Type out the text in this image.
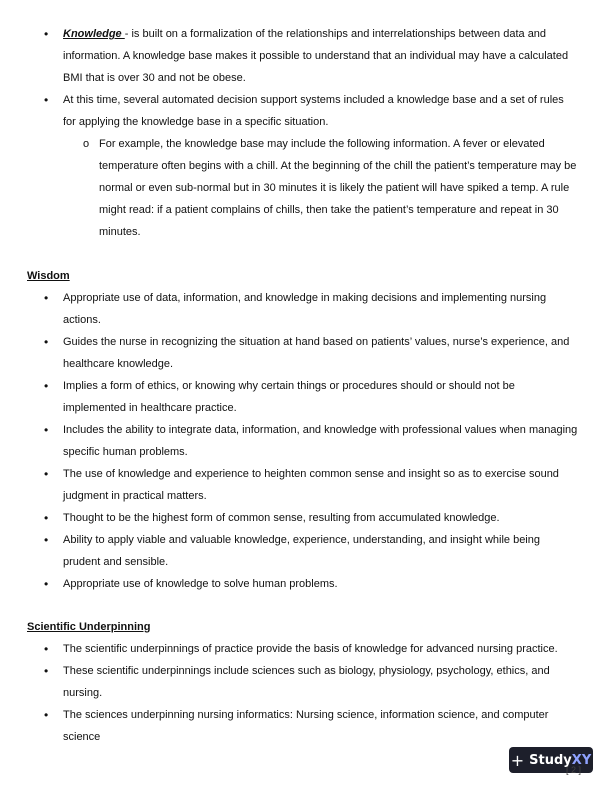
• Knowledge - is built on a formalization of the relationships and interrelationships between data and information. A knowledge base makes it possible to understand that an individual may have a calculated BMI that is over 30 and not be obese.
• At this time, several automated decision support systems included a knowledge base and a set of rules for applying the knowledge base in a specific situation.
o For example, the knowledge base may include the following information. A fever or elevated temperature often begins with a chill. At the beginning of the chill the patient’s temperature may be normal or even sub-normal but in 30 minutes it is likely the patient will have spiked a temp. A rule might read: if a patient complains of chills, then take the patient’s temperature and repeat in 30 minutes.
Wisdom
• Appropriate use of data, information, and knowledge in making decisions and implementing nursing actions.
• Guides the nurse in recognizing the situation at hand based on patients’ values, nurse’s experience, and healthcare knowledge.
• Implies a form of ethics, or knowing why certain things or procedures should or should not be implemented in healthcare practice.
• Includes the ability to integrate data, information, and knowledge with professional values when managing specific human problems.
• The use of knowledge and experience to heighten common sense and insight so as to exercise sound judgment in practical matters.
• Thought to be the highest form of common sense, resulting from accumulated knowledge.
• Ability to apply viable and valuable knowledge, experience, understanding, and insight while being prudent and sensible.
• Appropriate use of knowledge to solve human problems.
Scientific Underpinning
• The scientific underpinnings of practice provide the basis of knowledge for advanced nursing practice.
• These scientific underpinnings include sciences such as biology, physiology, psychology, ethics, and nursing.
• The sciences underpinning nursing informatics: Nursing science, information science, and computer science
+ Study XY
[ 2 ]
